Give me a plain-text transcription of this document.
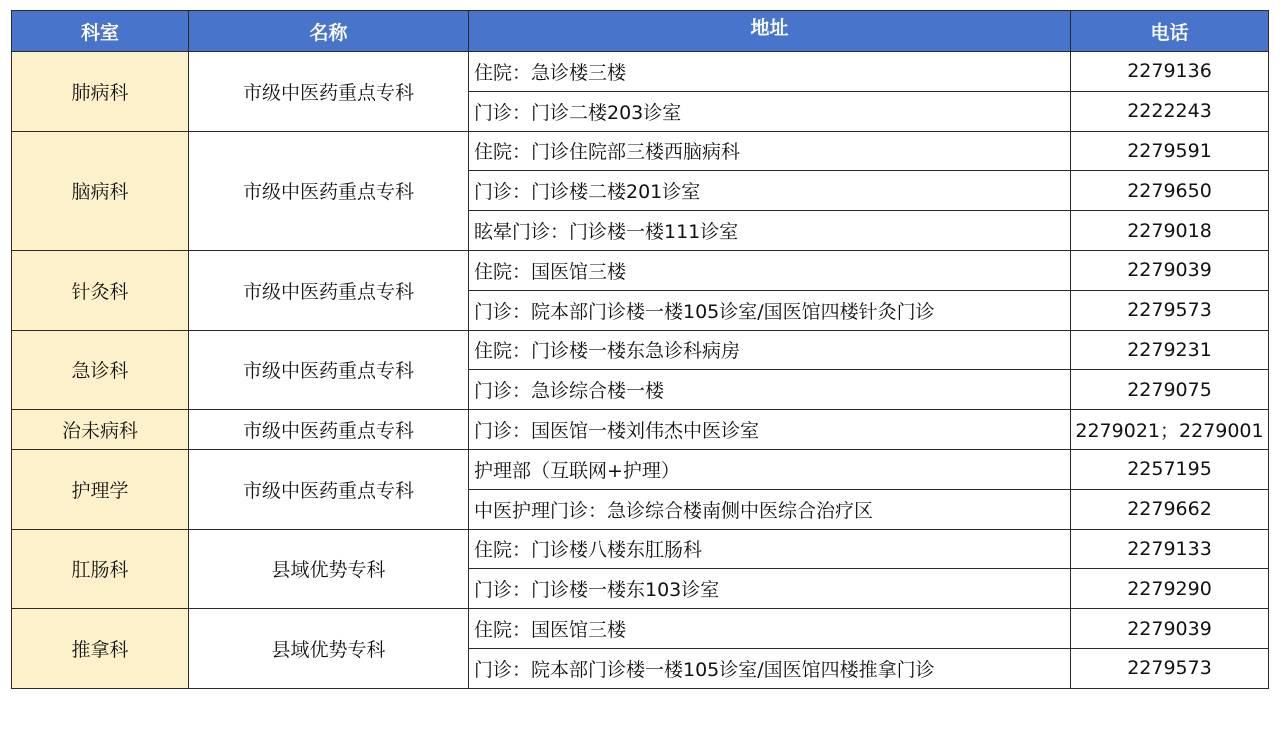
科室	名称	地址	电话
肺病科	市级中医药重点专科	住院：急诊楼三楼	2279136
		门诊：门诊二楼203诊室	2222243
脑病科	市级中医药重点专科	住院：门诊住院部三楼西脑病科	2279591
		门诊：门诊楼二楼201诊室	2279650
		眩晕门诊：门诊楼一楼111诊室	2279018
针灸科	市级中医药重点专科	住院：国医馆三楼	2279039
		门诊：院本部门诊楼一楼105诊室/国医馆四楼针灸门诊	2279573
急诊科	市级中医药重点专科	住院：门诊楼一楼东急诊科病房	2279231
		门诊：急诊综合楼一楼	2279075
治未病科	市级中医药重点专科	门诊：国医馆一楼刘伟杰中医诊室	2279021；2279001
护理学	市级中医药重点专科	护理部（互联网+护理）	2257195
		中医护理门诊：急诊综合楼南侧中医综合治疗区	2279662
肛肠科	县域优势专科	住院：门诊楼八楼东肛肠科	2279133
		门诊：门诊楼一楼东103诊室	2279290
推拿科	县域优势专科	住院：国医馆三楼	2279039
		门诊：院本部门诊楼一楼105诊室/国医馆四楼推拿门诊	2279573
